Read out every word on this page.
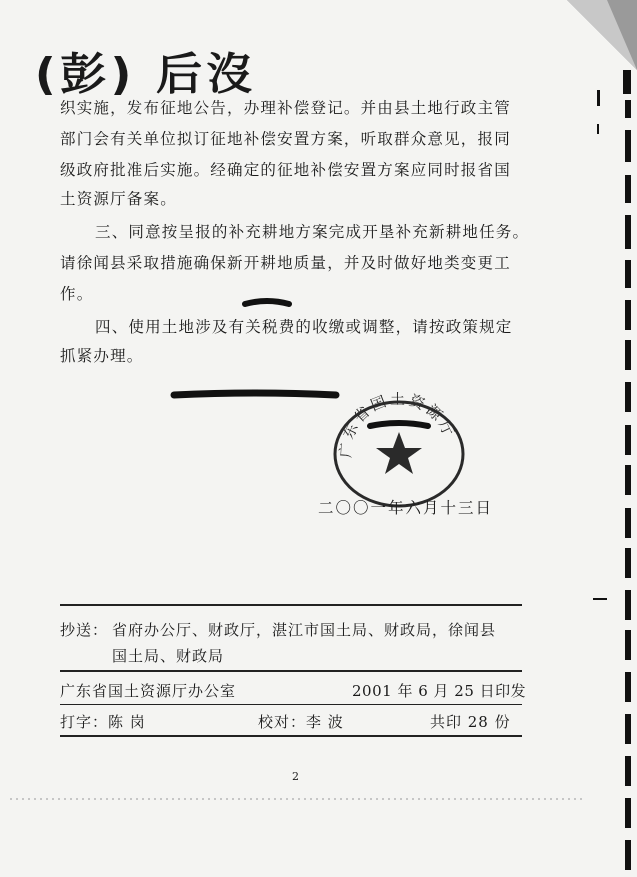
(彭) 后沒
织实施，发布征地公告，办理补偿登记。并由县土地行政主管
部门会有关单位拟订征地补偿安置方案，听取群众意见，报同
级政府批准后实施。经确定的征地补偿安置方案应同时报省国
土资源厅备案。
三、同意按呈报的补充耕地方案完成开垦补充新耕地任务。
请徐闻县采取措施确保新开耕地质量，并及时做好地类变更工
作。
四、使用土地涉及有关税费的收缴或调整，请按政策规定
抓紧办理。
广东省国土资源厅
二〇〇一年六月十三日
抄送： 省府办公厅、财政厅，湛江市国土局、财政局，徐闻县
国土局、财政局
广东省国土资源厅办公室	2001 年 6 月 25 日印发
打字：陈 岗	校对：李 波	共印 28 份
2
